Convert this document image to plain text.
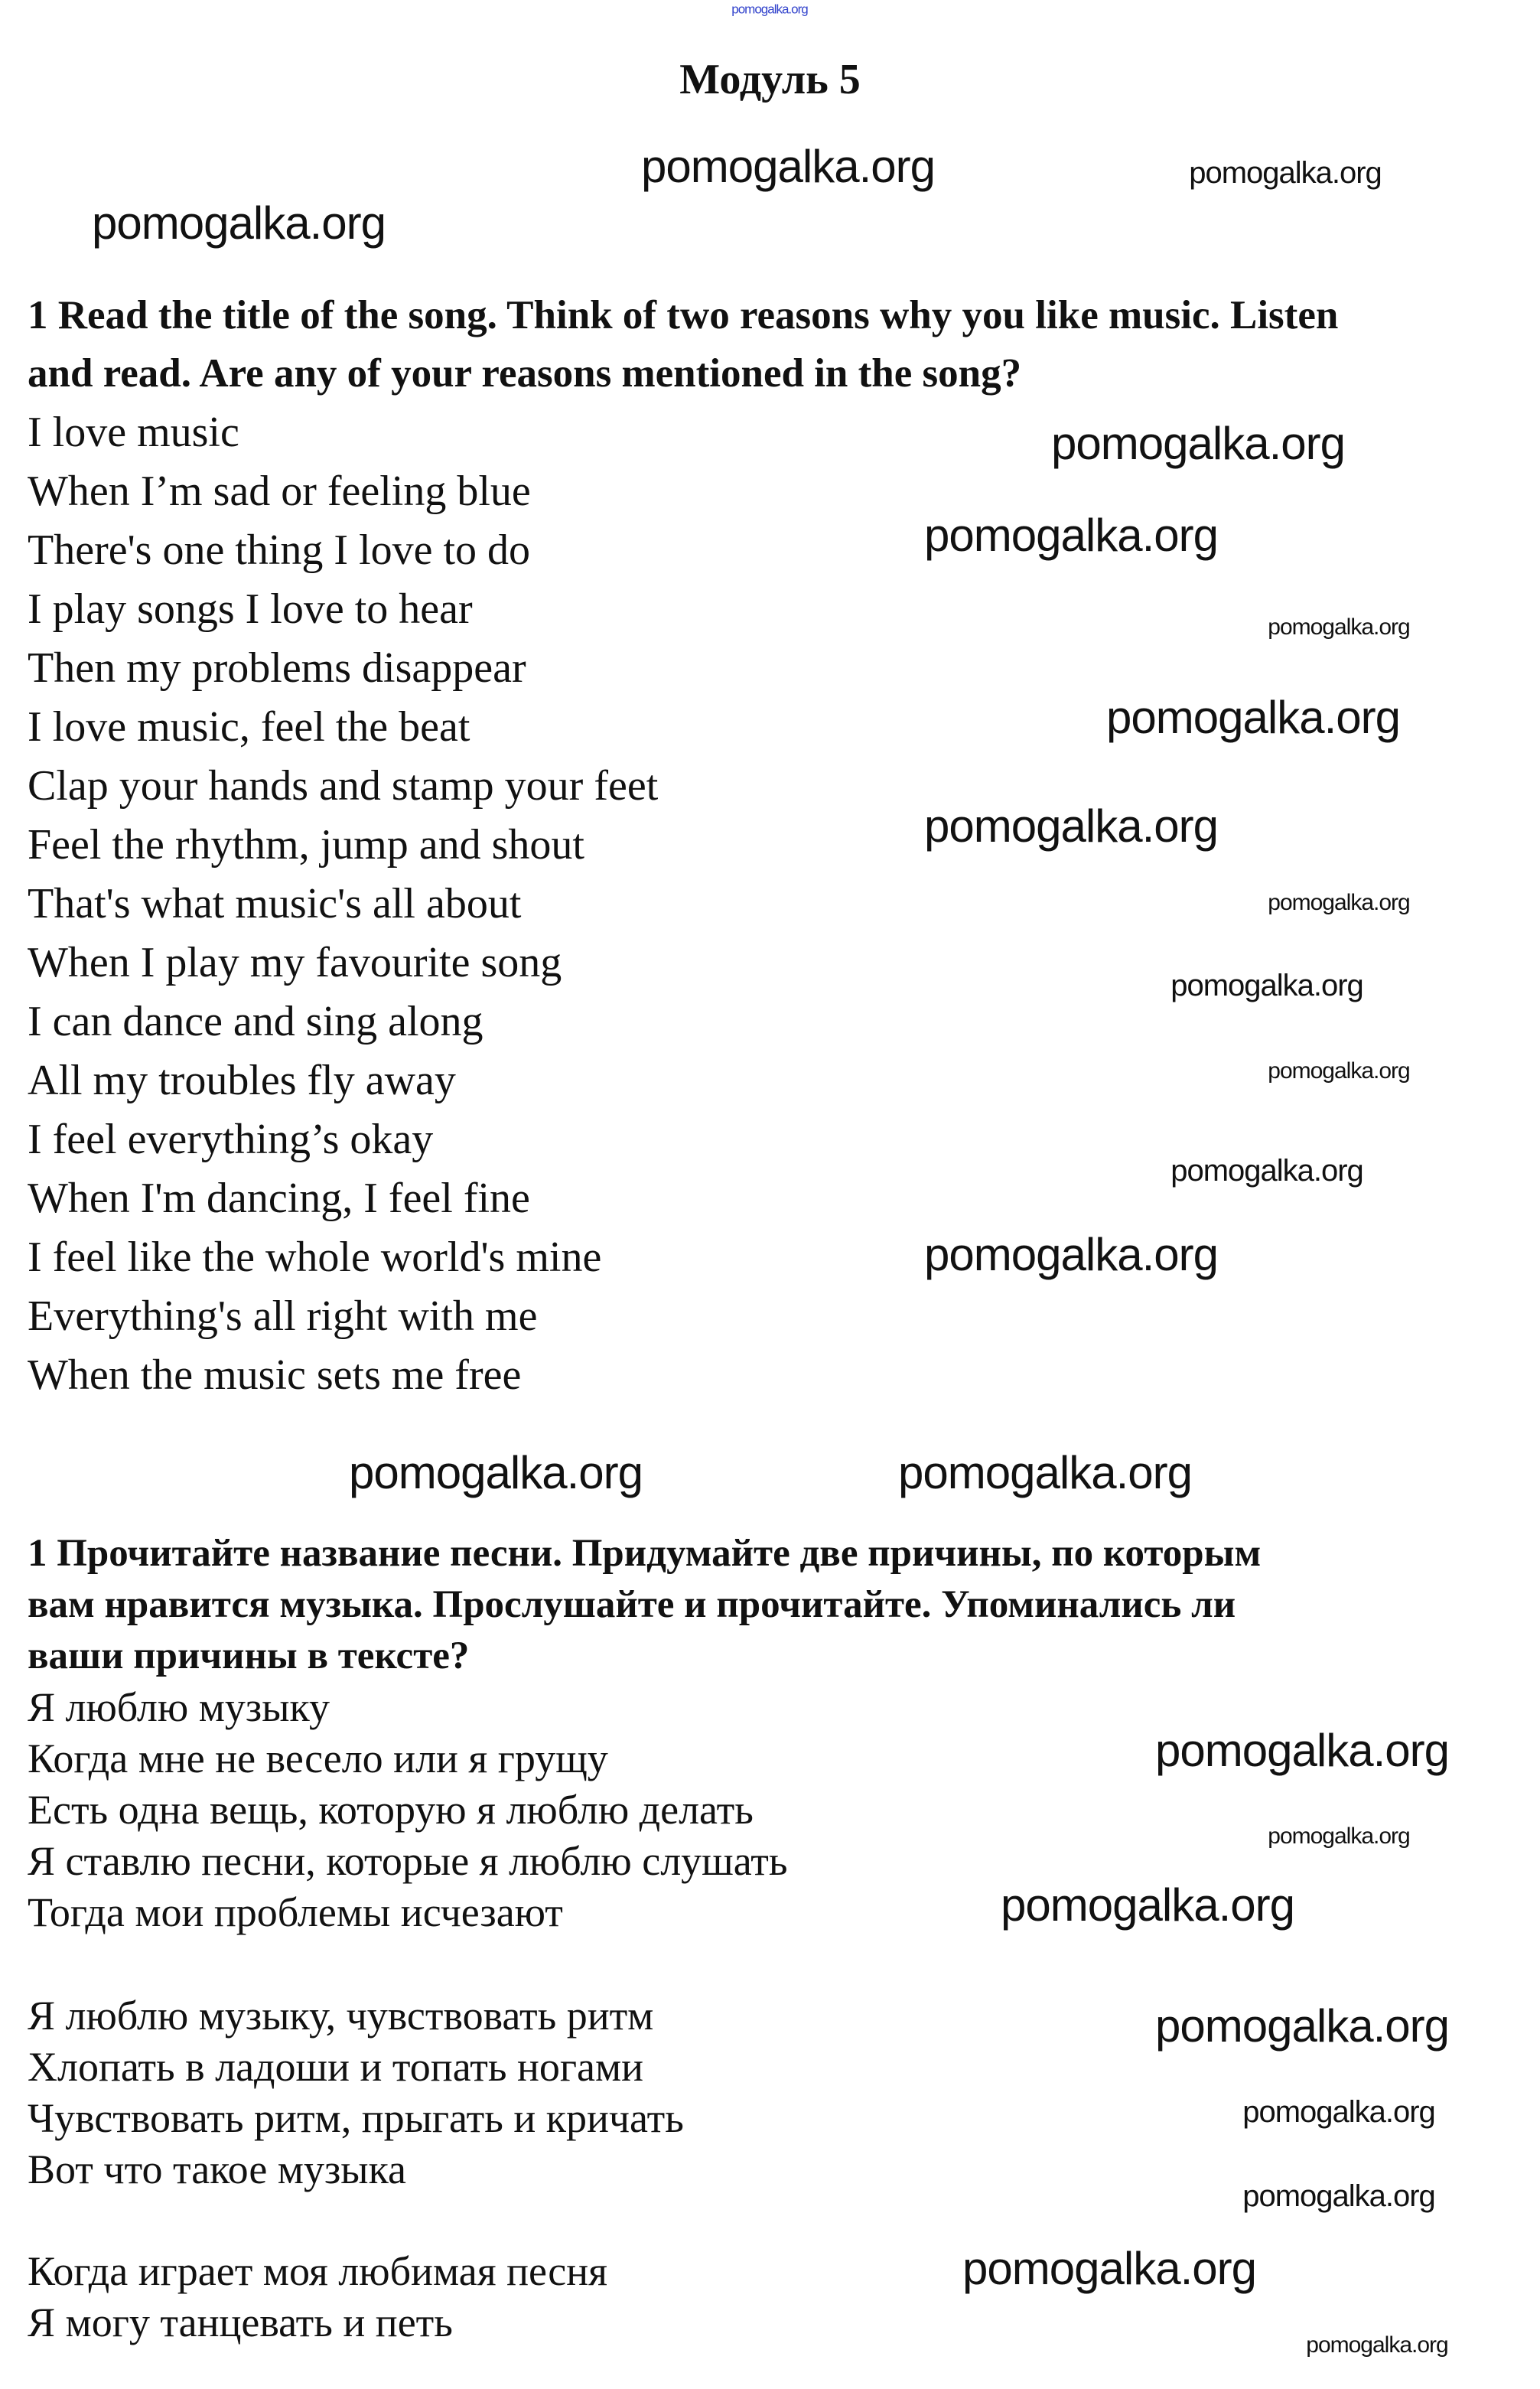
Модуль 5
1 Read the title of the song. Think of two reasons why you like music. Listen
and read. Are any of your reasons mentioned in the song?
I love music
When I’m sad or feeling blue
There's one thing I love to do
I play songs I love to hear
Then my problems disappear
I love music, feel the beat
Clap your hands and stamp your feet
Feel the rhythm, jump and shout
That's what music's all about
When I play my favourite song
I can dance and sing along
All my troubles fly away
I feel everything’s okay
When I'm dancing, I feel fine
I feel like the whole world's mine
Everything's all right with me
When the music sets me free
1 Прочитайте название песни. Придумайте две причины, по которым
вам нравится музыка. Прослушайте и прочитайте. Упоминались ли
ваши причины в тексте?
Я люблю музыку
Когда мне не весело или я грущу
Есть одна вещь, которую я люблю делать
Я ставлю песни, которые я люблю слушать
Тогда мои проблемы исчезают
Я люблю музыку, чувствовать ритм
Хлопать в ладоши и топать ногами
Чувствовать ритм, прыгать и кричать
Вот что такое музыка
Когда играет моя любимая песня
Я могу танцевать и петь
pomogalka.org
pomogalka.org	pomogalka.org
pomogalka.org
pomogalka.org
pomogalka.org
pomogalka.org
pomogalka.org
pomogalka.org
pomogalka.org
pomogalka.org
pomogalka.org
pomogalka.org
pomogalka.org
pomogalka.org	pomogalka.org
pomogalka.org
pomogalka.org
pomogalka.org
pomogalka.org
pomogalka.org
pomogalka.org
pomogalka.org
pomogalka.org
